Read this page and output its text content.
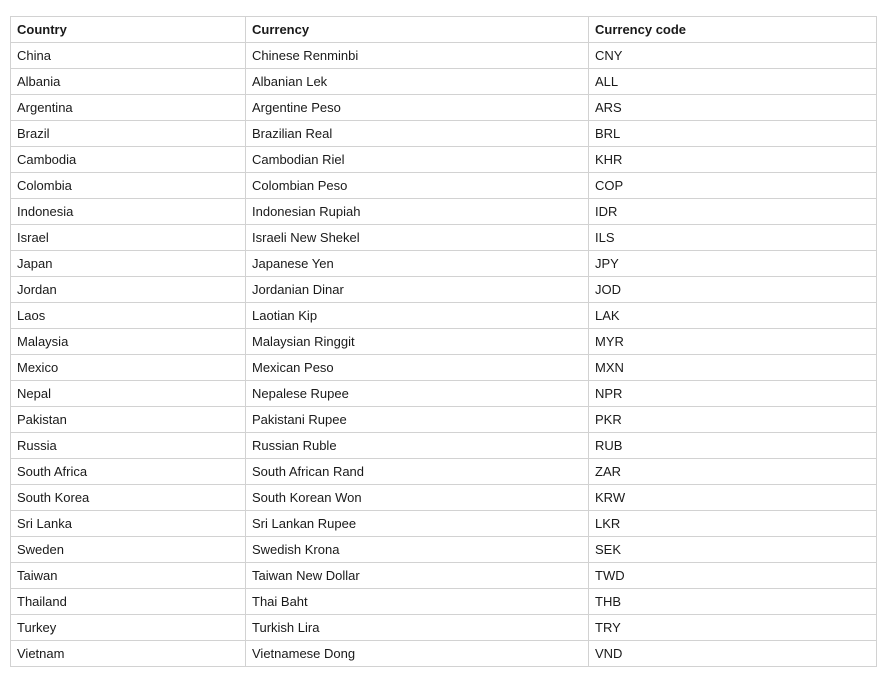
Country	Currency	Currency code
China	Chinese Renminbi	CNY
Albania	Albanian Lek	ALL
Argentina	Argentine Peso	ARS
Brazil	Brazilian Real	BRL
Cambodia	Cambodian Riel	KHR
Colombia	Colombian Peso	COP
Indonesia	Indonesian Rupiah	IDR
Israel	Israeli New Shekel	ILS
Japan	Japanese Yen	JPY
Jordan	Jordanian Dinar	JOD
Laos	Laotian Kip	LAK
Malaysia	Malaysian Ringgit	MYR
Mexico	Mexican Peso	MXN
Nepal	Nepalese Rupee	NPR
Pakistan	Pakistani Rupee	PKR
Russia	Russian Ruble	RUB
South Africa	South African Rand	ZAR
South Korea	South Korean Won	KRW
Sri Lanka	Sri Lankan Rupee	LKR
Sweden	Swedish Krona	SEK
Taiwan	Taiwan New Dollar	TWD
Thailand	Thai Baht	THB
Turkey	Turkish Lira	TRY
Vietnam	Vietnamese Dong	VND
